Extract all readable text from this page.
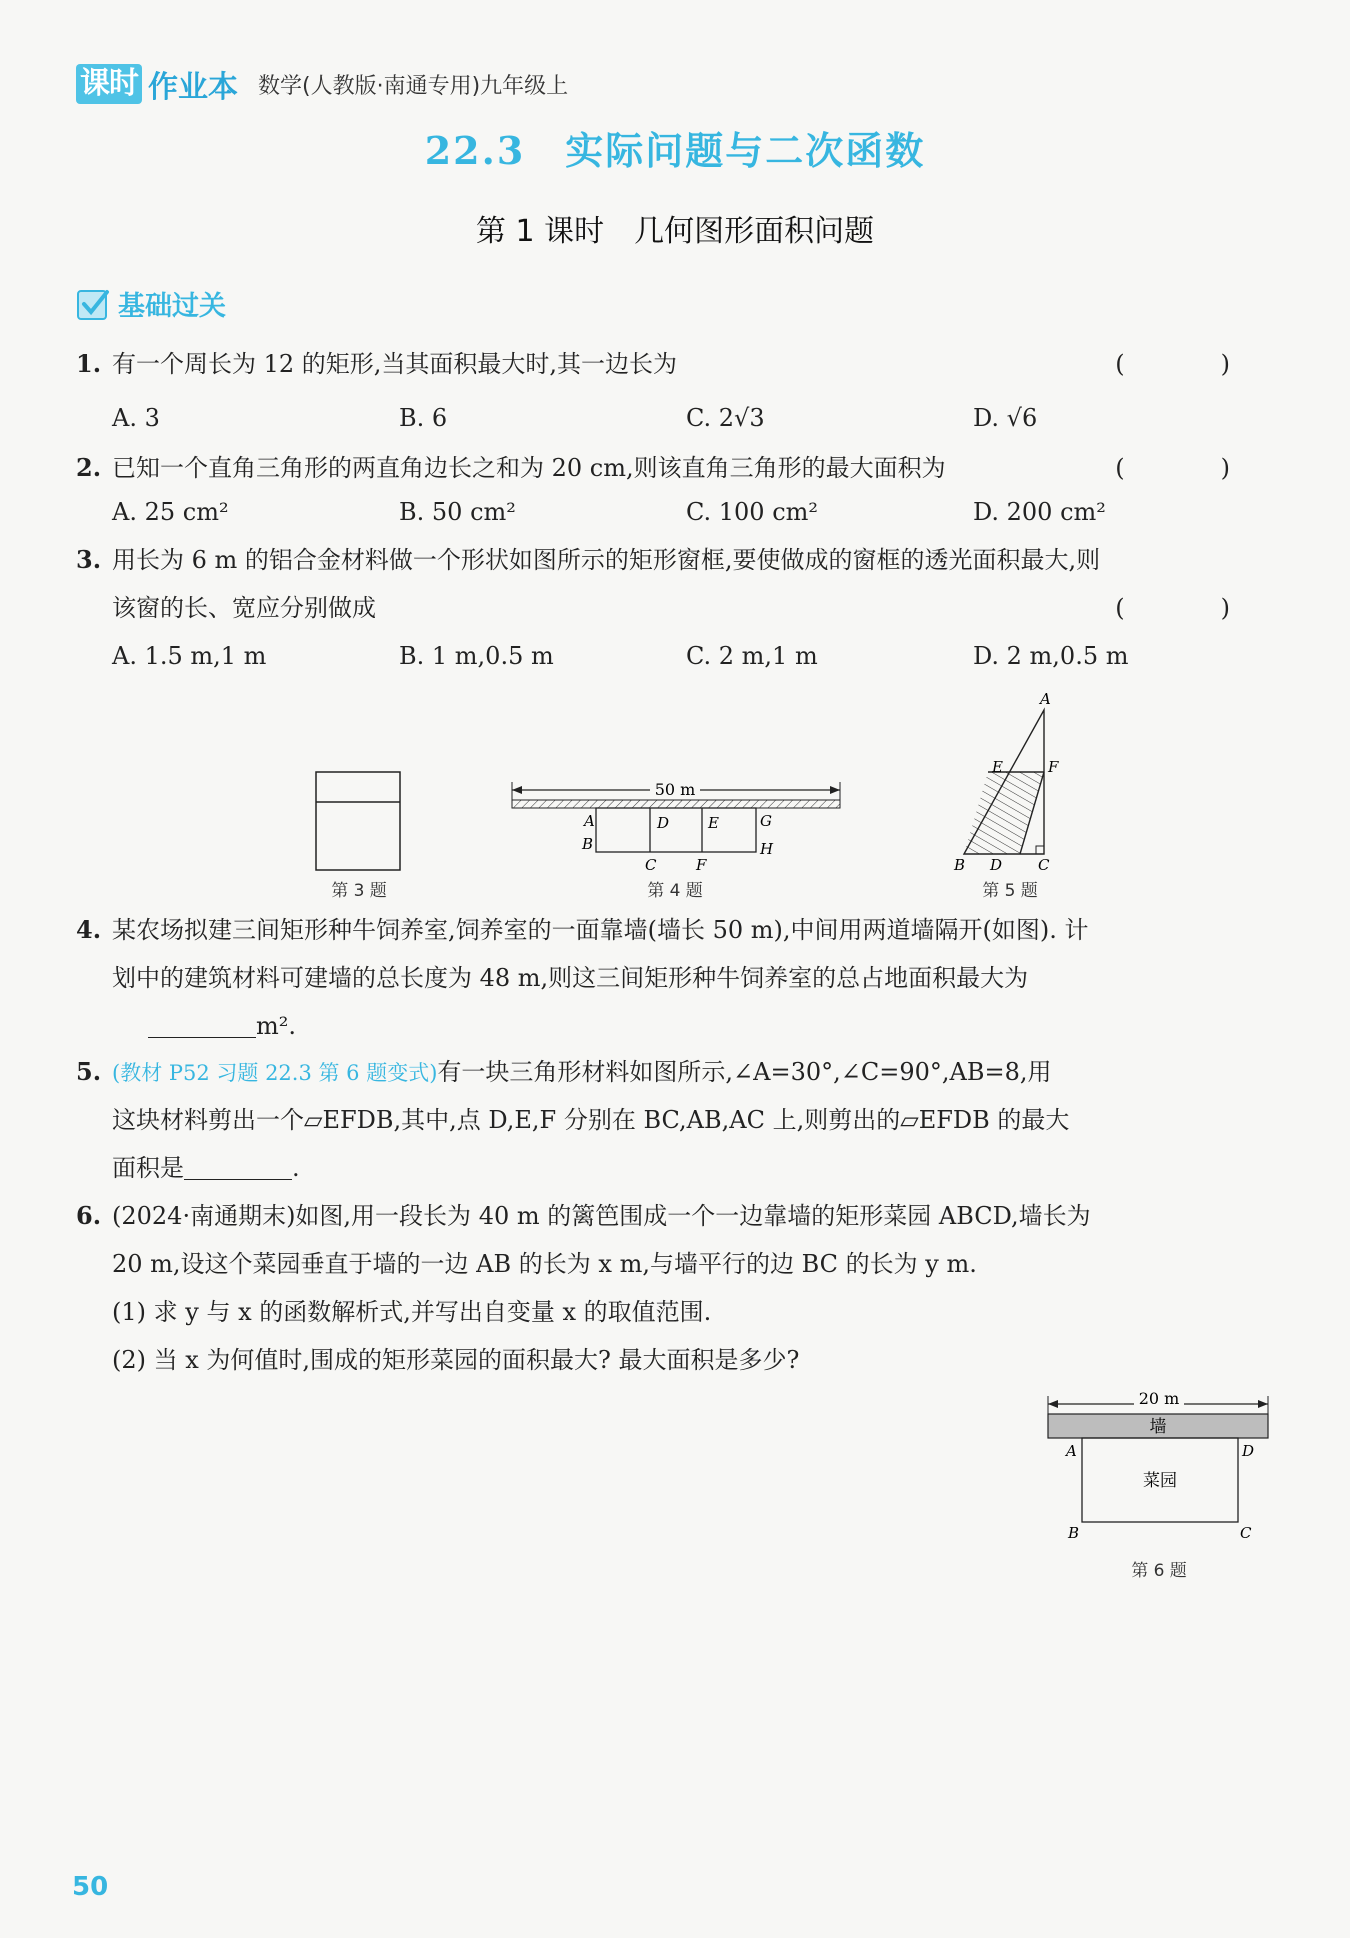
课时 作业本 数学(人教版·南通专用)九年级上
22.3　实际问题与二次函数
第 1 课时　几何图形面积问题
基础过关
1. 有一个周长为 12 的矩形,当其面积最大时,其一边长为	(　)
A. 3	B. 6	C. 2√3	D. √6
2. 已知一个直角三角形的两直角边长之和为 20 cm,则该直角三角形的最大面积为	(　)
A. 25 cm²	B. 50 cm²	C. 100 cm²	D. 200 cm²
3. 用长为 6 m 的铝合金材料做一个形状如图所示的矩形窗框,要使做成的窗框的透光面积最大,则
该窗的长、宽应分别做成	(　)
A. 1.5 m,1 m	B. 1 m,0.5 m	C. 2 m,1 m	D. 2 m,0.5 m
第 3 题
50 m
A
B
C
D	E
F
G
H
第 4 题
A
E	F
B D C
第 5 题
4. 某农场拟建三间矩形种牛饲养室,饲养室的一面靠墙(墙长 50 m),中间用两道墙隔开(如图). 计
划中的建筑材料可建墙的总长度为 48 m,则这三间矩形种牛饲养室的总占地面积最大为
m².
5. (教材 P52 习题 22.3 第 6 题变式)有一块三角形材料如图所示,∠A=30°,∠C=90°,AB=8,用
这块材料剪出一个▱EFDB,其中,点 D,E,F 分别在 BC,AB,AC 上,则剪出的▱EFDB 的最大
面积是	.
6. (2024·南通期末)如图,用一段长为 40 m 的篱笆围成一个一边靠墙的矩形菜园 ABCD,墙长为
20 m,设这个菜园垂直于墙的一边 AB 的长为 x m,与墙平行的边 BC 的长为 y m.
(1) 求 y 与 x 的函数解析式,并写出自变量 x 的取值范围.
(2) 当 x 为何值时,围成的矩形菜园的面积最大? 最大面积是多少?
20 m
墙
菜园
A	D
B	C
第 6 题
50
